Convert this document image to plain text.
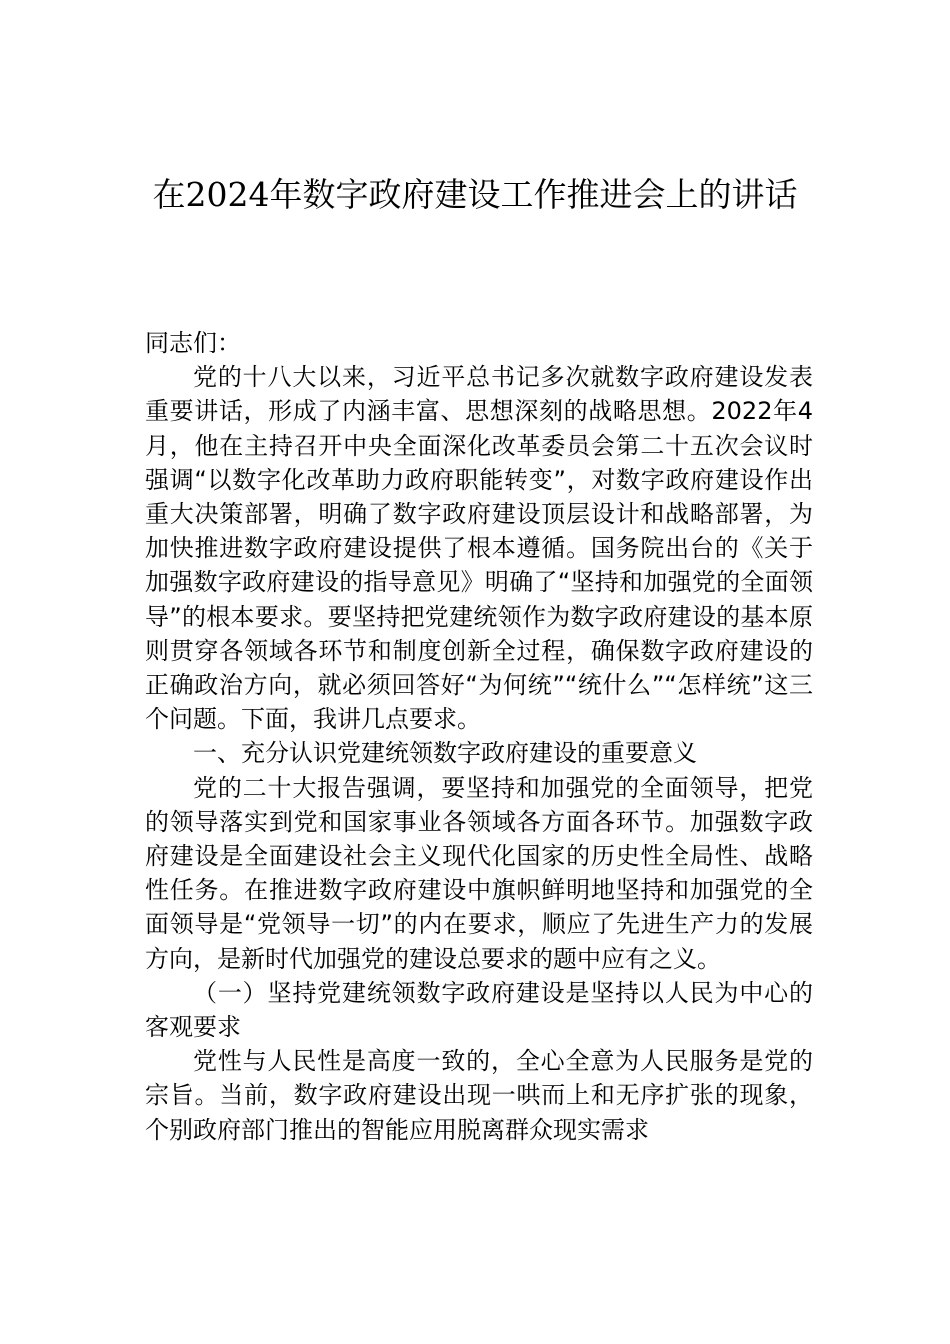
在2024年数字政府建设工作推进会上的讲话

同志们：

党的十八大以来，习近平总书记多次就数字政府建设发表重要讲话，形成了内涵丰富、思想深刻的战略思想。2022年4月，他在主持召开中央全面深化改革委员会第二十五次会议时强调“以数字化改革助力政府职能转变”，对数字政府建设作出重大决策部署，明确了数字政府建设顶层设计和战略部署，为加快推进数字政府建设提供了根本遵循。国务院出台的《关于加强数字政府建设的指导意见》明确了“坚持和加强党的全面领导”的根本要求。要坚持把党建统领作为数字政府建设的基本原则贯穿各领域各环节和制度创新全过程，确保数字政府建设的正确政治方向，就必须回答好“为何统”“统什么”“怎样统”这三个问题。下面，我讲几点要求。

一、充分认识党建统领数字政府建设的重要意义

党的二十大报告强调，要坚持和加强党的全面领导，把党的领导落实到党和国家事业各领域各方面各环节。加强数字政府建设是全面建设社会主义现代化国家的历史性全局性、战略性任务。在推进数字政府建设中旗帜鲜明地坚持和加强党的全面领导是“党领导一切”的内在要求，顺应了先进生产力的发展方向，是新时代加强党的建设总要求的题中应有之义。

（一）坚持党建统领数字政府建设是坚持以人民为中心的客观要求

党性与人民性是高度一致的，全心全意为人民服务是党的宗旨。当前，数字政府建设出现一哄而上和无序扩张的现象，个别政府部门推出的智能应用脱离群众现实需求
